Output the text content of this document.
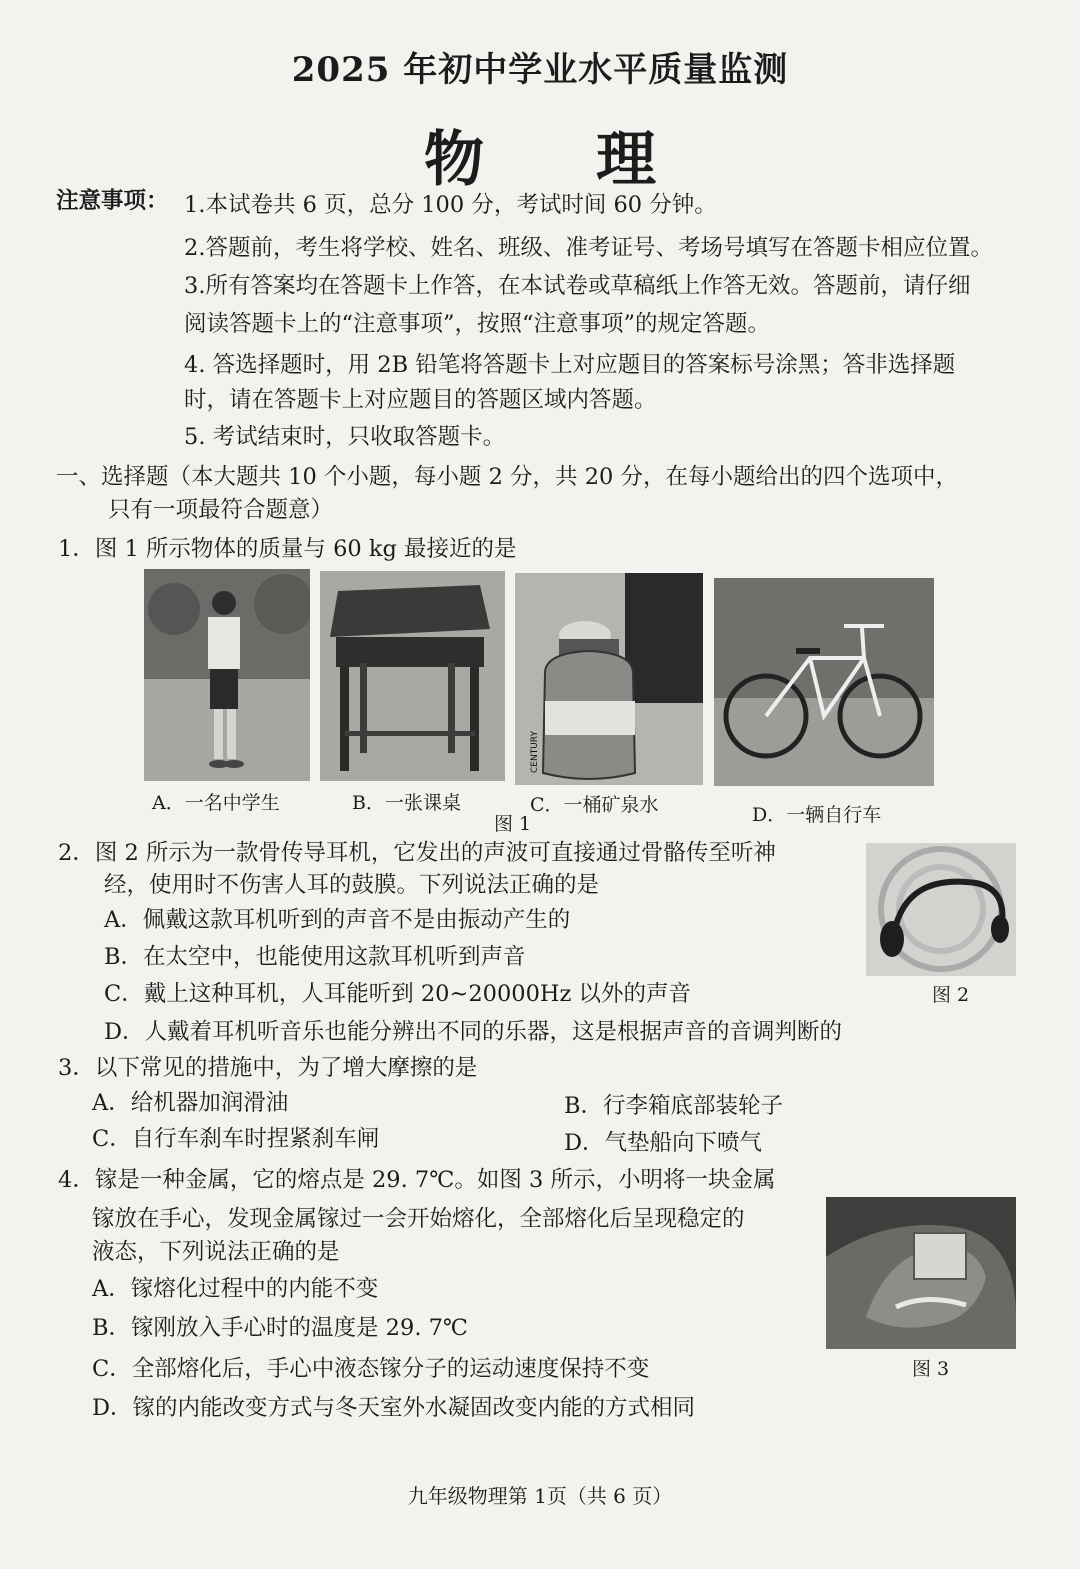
2025 年初中学业水平质量监测
物 理
注意事项： 1.本试卷共 6 页，总分 100 分，考试时间 60 分钟。
2.答题前，考生将学校、姓名、班级、准考证号、考场号填写在答题卡相应位置。
3.所有答案均在答题卡上作答，在本试卷或草稿纸上作答无效。答题前，请仔细
阅读答题卡上的“注意事项”，按照“注意事项”的规定答题。
4. 答选择题时，用 2B 铅笔将答题卡上对应题目的答案标号涂黑；答非选择题
时，请在答题卡上对应题目的答题区域内答题。
5. 考试结束时，只收取答题卡。
一、选择题（本大题共 10 个小题，每小题 2 分，共 20 分，在每小题给出的四个选项中，
只有一项最符合题意）
1．图 1 所示物体的质量与 60 kg 最接近的是
CENTURY
A．一名中学生	B．一张课桌	C．一桶矿泉水	D．一辆自行车
图 1
2．图 2 所示为一款骨传导耳机，它发出的声波可直接通过骨骼传至听神
经，使用时不伤害人耳的鼓膜。下列说法正确的是
A．佩戴这款耳机听到的声音不是由振动产生的
B．在太空中，也能使用这款耳机听到声音
C．戴上这种耳机，人耳能听到 20~20000Hz 以外的声音
D．人戴着耳机听音乐也能分辨出不同的乐器，这是根据声音的音调判断的
图 2
3．以下常见的措施中，为了增大摩擦的是
A．给机器加润滑油	B．行李箱底部装轮子
C．自行车刹车时捏紧刹车闸	D．气垫船向下喷气
4．镓是一种金属，它的熔点是 29. 7℃。如图 3 所示，小明将一块金属
镓放在手心，发现金属镓过一会开始熔化，全部熔化后呈现稳定的
液态，下列说法正确的是
A．镓熔化过程中的内能不变
B．镓刚放入手心时的温度是 29. 7℃
C．全部熔化后，手心中液态镓分子的运动速度保持不变
D．镓的内能改变方式与冬天室外水凝固改变内能的方式相同
图 3
九年级物理第 1页（共 6 页）
